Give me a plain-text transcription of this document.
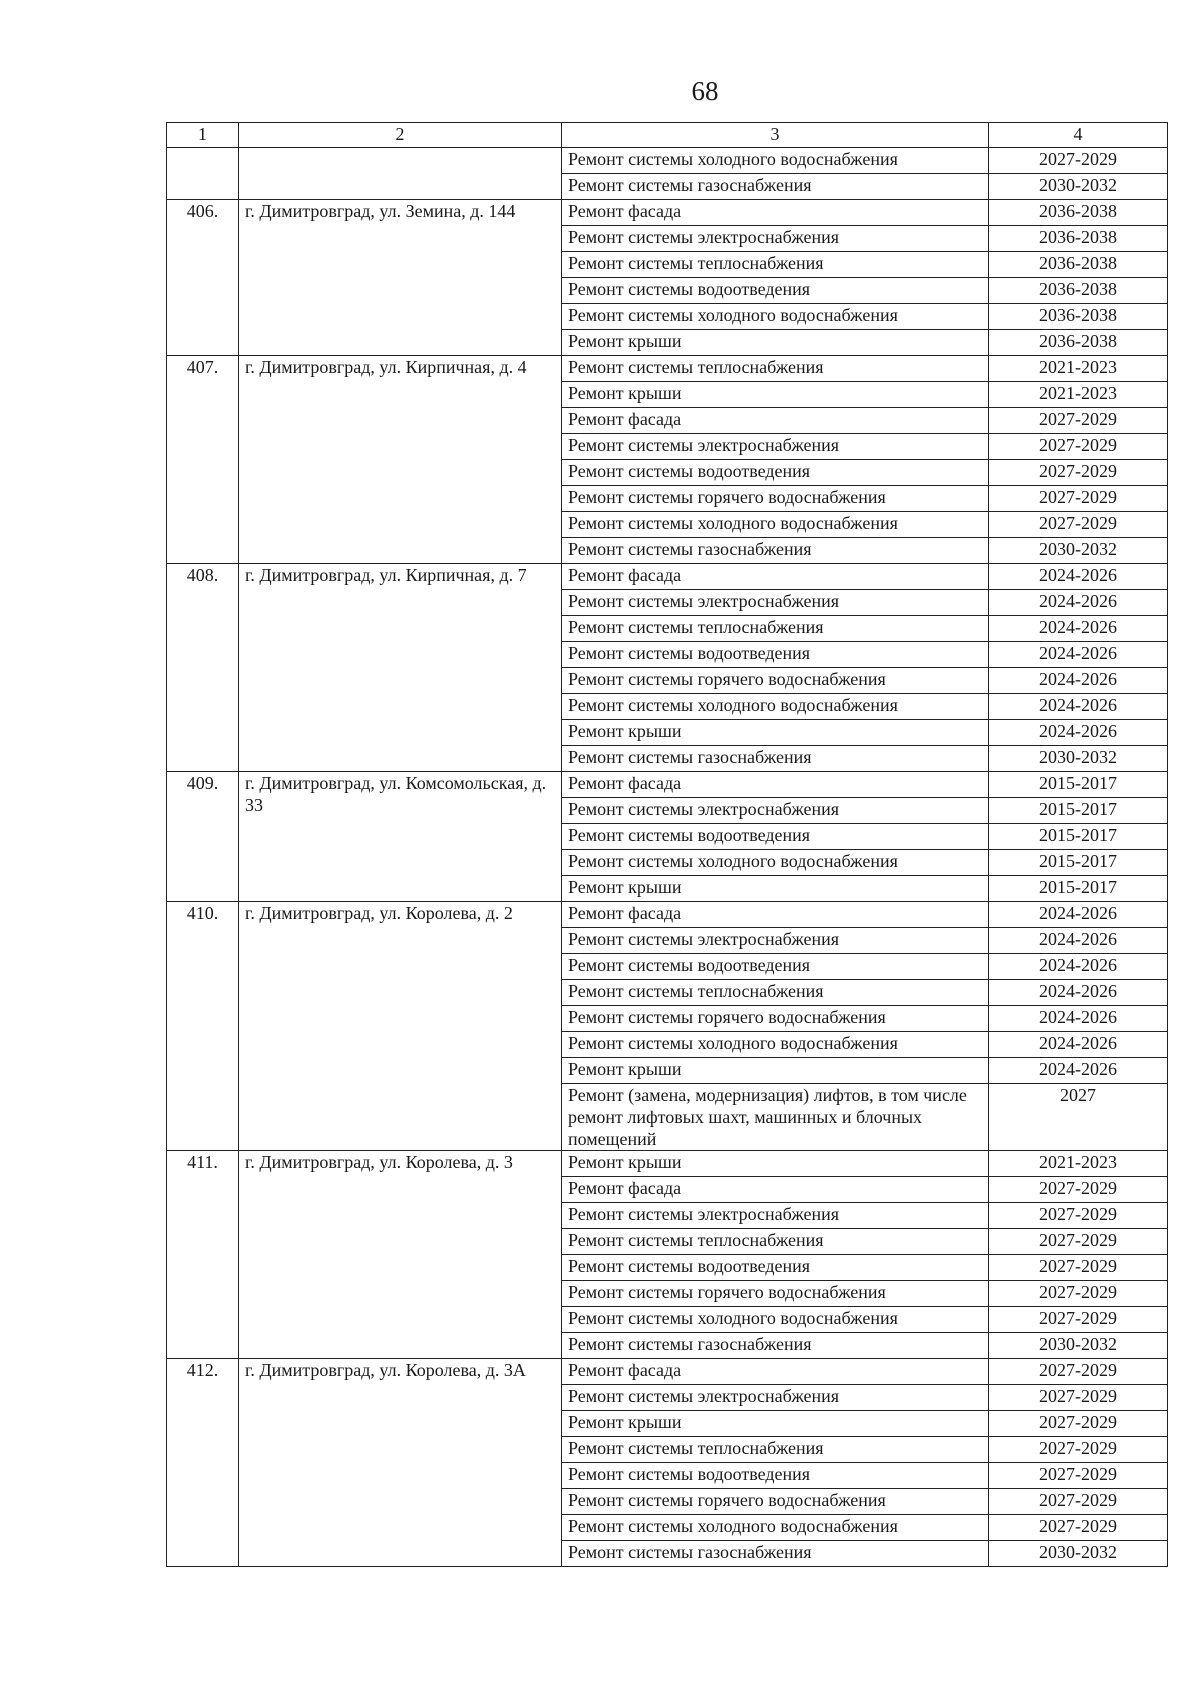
68
1	2	3	4
		Ремонт системы холодного водоснабжения	2027-2029
		Ремонт системы газоснабжения	2030-2032
406.	г. Димитровград, ул. Земина, д. 144	Ремонт фасада	2036-2038
		Ремонт системы электроснабжения	2036-2038
		Ремонт системы теплоснабжения	2036-2038
		Ремонт системы водоотведения	2036-2038
		Ремонт системы холодного водоснабжения	2036-2038
		Ремонт крыши	2036-2038
407.	г. Димитровград, ул. Кирпичная, д. 4	Ремонт системы теплоснабжения	2021-2023
		Ремонт крыши	2021-2023
		Ремонт фасада	2027-2029
		Ремонт системы электроснабжения	2027-2029
		Ремонт системы водоотведения	2027-2029
		Ремонт системы горячего водоснабжения	2027-2029
		Ремонт системы холодного водоснабжения	2027-2029
		Ремонт системы газоснабжения	2030-2032
408.	г. Димитровград, ул. Кирпичная, д. 7	Ремонт фасада	2024-2026
		Ремонт системы электроснабжения	2024-2026
		Ремонт системы теплоснабжения	2024-2026
		Ремонт системы водоотведения	2024-2026
		Ремонт системы горячего водоснабжения	2024-2026
		Ремонт системы холодного водоснабжения	2024-2026
		Ремонт крыши	2024-2026
		Ремонт системы газоснабжения	2030-2032
409.	г. Димитровград, ул. Комсомольская, д. 33	Ремонт фасада	2015-2017
		Ремонт системы электроснабжения	2015-2017
		Ремонт системы водоотведения	2015-2017
		Ремонт системы холодного водоснабжения	2015-2017
		Ремонт крыши	2015-2017
410.	г. Димитровград, ул. Королева, д. 2	Ремонт фасада	2024-2026
		Ремонт системы электроснабжения	2024-2026
		Ремонт системы водоотведения	2024-2026
		Ремонт системы теплоснабжения	2024-2026
		Ремонт системы горячего водоснабжения	2024-2026
		Ремонт системы холодного водоснабжения	2024-2026
		Ремонт крыши	2024-2026
		Ремонт (замена, модернизация) лифтов, в том числе ремонт лифтовых шахт, машинных и блочных помещений	2027
411.	г. Димитровград, ул. Королева, д. 3	Ремонт крыши	2021-2023
		Ремонт фасада	2027-2029
		Ремонт системы электроснабжения	2027-2029
		Ремонт системы теплоснабжения	2027-2029
		Ремонт системы водоотведения	2027-2029
		Ремонт системы горячего водоснабжения	2027-2029
		Ремонт системы холодного водоснабжения	2027-2029
		Ремонт системы газоснабжения	2030-2032
412.	г. Димитровград, ул. Королева, д. 3А	Ремонт фасада	2027-2029
		Ремонт системы электроснабжения	2027-2029
		Ремонт крыши	2027-2029
		Ремонт системы теплоснабжения	2027-2029
		Ремонт системы водоотведения	2027-2029
		Ремонт системы горячего водоснабжения	2027-2029
		Ремонт системы холодного водоснабжения	2027-2029
		Ремонт системы газоснабжения	2030-2032
